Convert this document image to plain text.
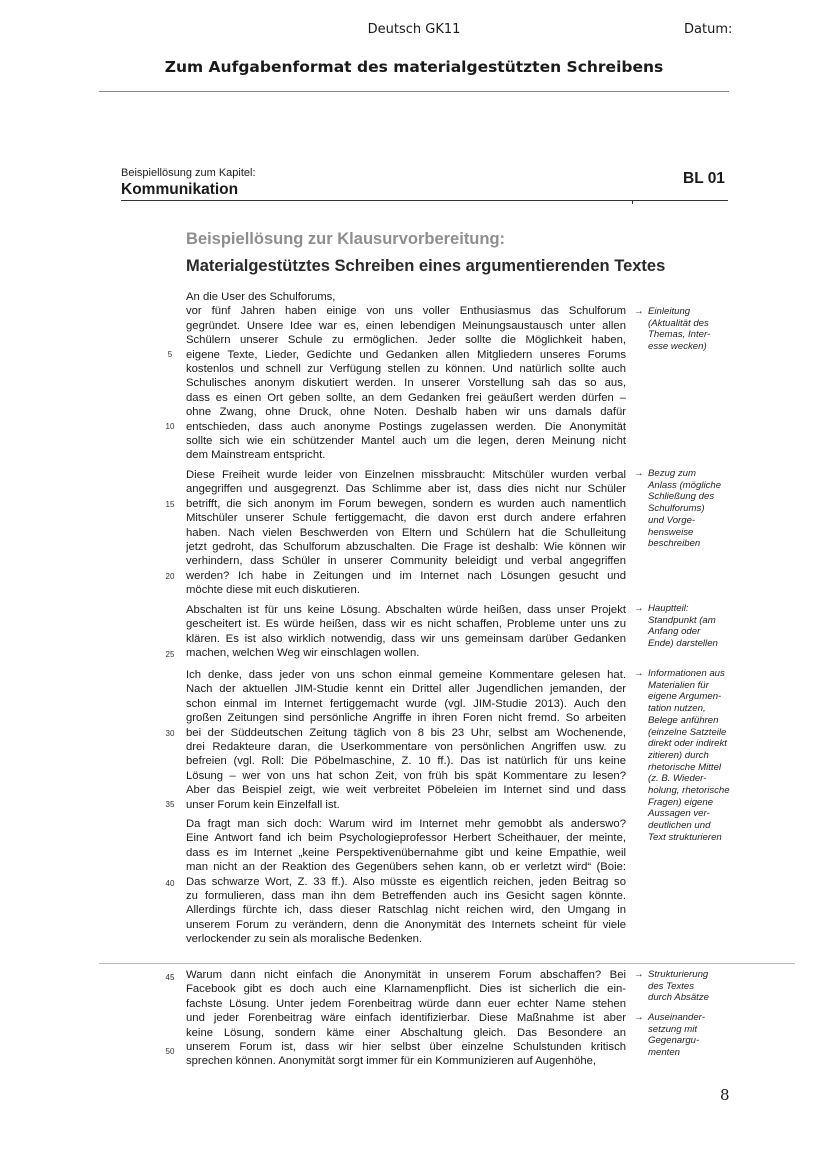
Deutsch GK11	Datum:
Zum Aufgabenformat des materialgestützten Schreibens
Beispiellösung zum Kapitel:
Kommunikation
BL 01
Beispiellösung zur Klausurvorbereitung:
Materialgestütztes Schreiben eines argumentierenden Textes
An die User des Schulforums,
vor fünf Jahren haben einige von uns voller Enthusiasmus das Schulforum
gegründet. Unsere Idee war es, einen lebendigen Meinungsaustausch unter allen
Schülern unserer Schule zu ermöglichen. Jeder sollte die Möglichkeit haben,
eigene Texte, Lieder, Gedichte und Gedanken allen Mitgliedern unseres Forums
kostenlos und schnell zur Verfügung stellen zu können. Und natürlich sollte auch
Schulisches anonym diskutiert werden. In unserer Vorstellung sah das so aus,
dass es einen Ort geben sollte, an dem Gedanken frei geäußert werden dürfen –
ohne Zwang, ohne Druck, ohne Noten. Deshalb haben wir uns damals dafür
entschieden, dass auch anonyme Postings zugelassen werden. Die Anonymität
sollte sich wie ein schützender Mantel auch um die legen, deren Meinung nicht
dem Mainstream entspricht.
Diese Freiheit wurde leider von Einzelnen missbraucht: Mitschüler wurden verbal
angegriffen und ausgegrenzt. Das Schlimme aber ist, dass dies nicht nur Schüler
betrifft, die sich anonym im Forum bewegen, sondern es wurden auch namentlich
Mitschüler unserer Schule fertiggemacht, die davon erst durch andere erfahren
haben. Nach vielen Beschwerden von Eltern und Schülern hat die Schulleitung
jetzt gedroht, das Schulforum abzuschalten. Die Frage ist deshalb: Wie können wir
verhindern, dass Schüler in unserer Community beleidigt und verbal angegriffen
werden? Ich habe in Zeitungen und im Internet nach Lösungen gesucht und
möchte diese mit euch diskutieren.
Abschalten ist für uns keine Lösung. Abschalten würde heißen, dass unser Projekt
gescheitert ist. Es würde heißen, dass wir es nicht schaffen, Probleme unter uns zu
klären. Es ist also wirklich notwendig, dass wir uns gemeinsam darüber Gedanken
machen, welchen Weg wir einschlagen wollen.
Ich denke, dass jeder von uns schon einmal gemeine Kommentare gelesen hat.
Nach der aktuellen JIM-Studie kennt ein Drittel aller Jugendlichen jemanden, der
schon einmal im Internet fertiggemacht wurde (vgl. JIM-Studie 2013). Auch den
großen Zeitungen sind persönliche Angriffe in ihren Foren nicht fremd. So arbeiten
bei der Süddeutschen Zeitung täglich von 8 bis 23 Uhr, selbst am Wochenende,
drei Redakteure daran, die Userkommentare von persönlichen Angriffen usw. zu
befreien (vgl. Roll: Die Pöbelmaschine, Z. 10 ff.). Das ist natürlich für uns keine
Lösung – wer von uns hat schon Zeit, von früh bis spät Kommentare zu lesen?
Aber das Beispiel zeigt, wie weit verbreitet Pöbeleien im Internet sind und dass
unser Forum kein Einzelfall ist.
Da fragt man sich doch: Warum wird im Internet mehr gemobbt als anderswo?
Eine Antwort fand ich beim Psychologieprofessor Herbert Scheithauer, der meinte,
dass es im Internet „keine Perspektivenübernahme gibt und keine Empathie, weil
man nicht an der Reaktion des Gegenübers sehen kann, ob er verletzt wird“ (Boie:
Das schwarze Wort, Z. 33 ff.). Also müsste es eigentlich reichen, jeden Beitrag so
zu formulieren, dass man ihn dem Betreffenden auch ins Gesicht sagen könnte.
Allerdings fürchte ich, dass dieser Ratschlag nicht reichen wird, den Umgang in
unserem Forum zu verändern, denn die Anonymität des Internets scheint für viele
verlockender zu sein als moralische Bedenken.
Warum dann nicht einfach die Anonymität in unserem Forum abschaffen? Bei
Facebook gibt es doch auch eine Klarnamenpflicht. Dies ist sicherlich die ein-
fachste Lösung. Unter jedem Forenbeitrag würde dann euer echter Name stehen
und jeder Forenbeitrag wäre einfach identifizierbar. Diese Maßnahme ist aber
keine Lösung, sondern käme einer Abschaltung gleich. Das Besondere an
unserem Forum ist, dass wir hier selbst über einzelne Schulstunden kritisch
sprechen können. Anonymität sorgt immer für ein Kommunizieren auf Augenhöhe,
5
10
15
20
25
30
35
40
45
50
→ Einleitung
(Aktualität des
Themas, Inter-
esse wecken)
→ Bezug zum
Anlass (mögliche
Schließung des
Schulforums)
und Vorge-
hensweise
beschreiben
→ Hauptteil:
Standpunkt (am
Anfang oder
Ende) darstellen
→ Informationen aus
Materialien für
eigene Argumen-
tation nutzen,
Belege anführen
(einzelne Satzteile
direkt oder indirekt
zitieren) durch
rhetorische Mittel
(z. B. Wieder-
holung, rhetorische
Fragen) eigene
Aussagen ver-
deutlichen und
Text strukturieren
→ Strukturierung
des Textes
durch Absätze
→ Auseinander-
setzung mit
Gegenargu-
menten
8
